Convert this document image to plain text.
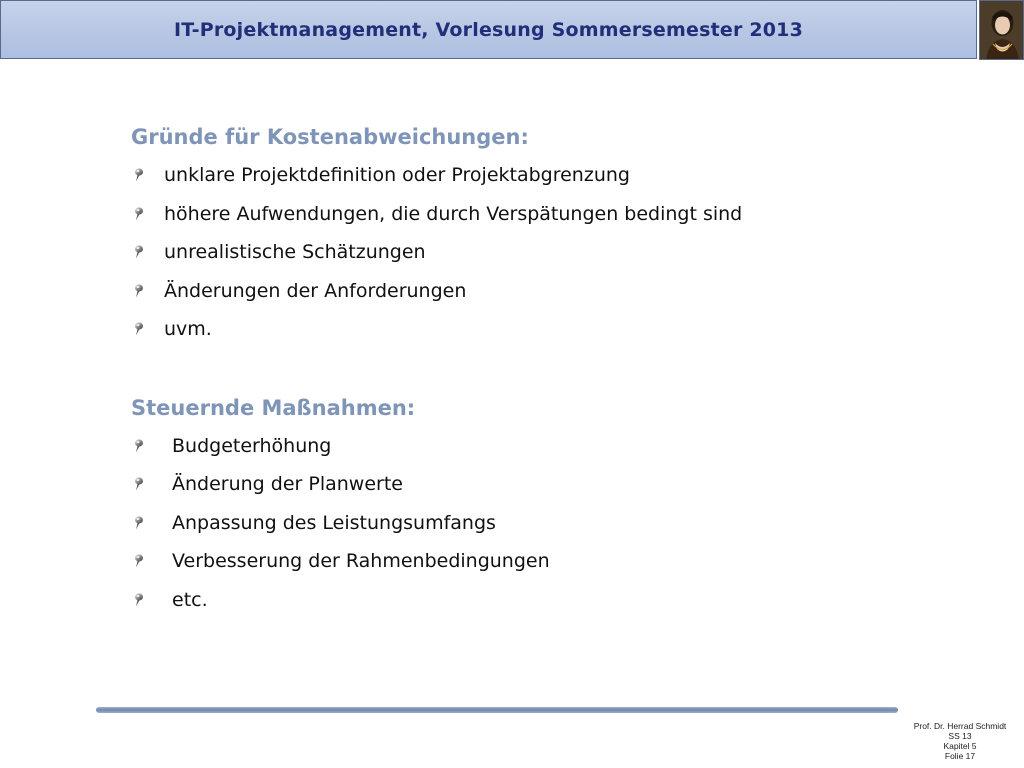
IT-Projektmanagement, Vorlesung Sommersemester 2013
Gründe für Kostenabweichungen:
unklare Projektdefinition oder Projektabgrenzung
höhere Aufwendungen, die durch Verspätungen bedingt sind
unrealistische Schätzungen
Änderungen der Anforderungen
uvm.
Steuernde Maßnahmen:
Budgeterhöhung
Änderung der Planwerte
Anpassung des Leistungsumfangs
Verbesserung der Rahmenbedingungen
etc.
Prof. Dr. Herrad Schmidt
SS 13
Kapitel 5
Folie 17
